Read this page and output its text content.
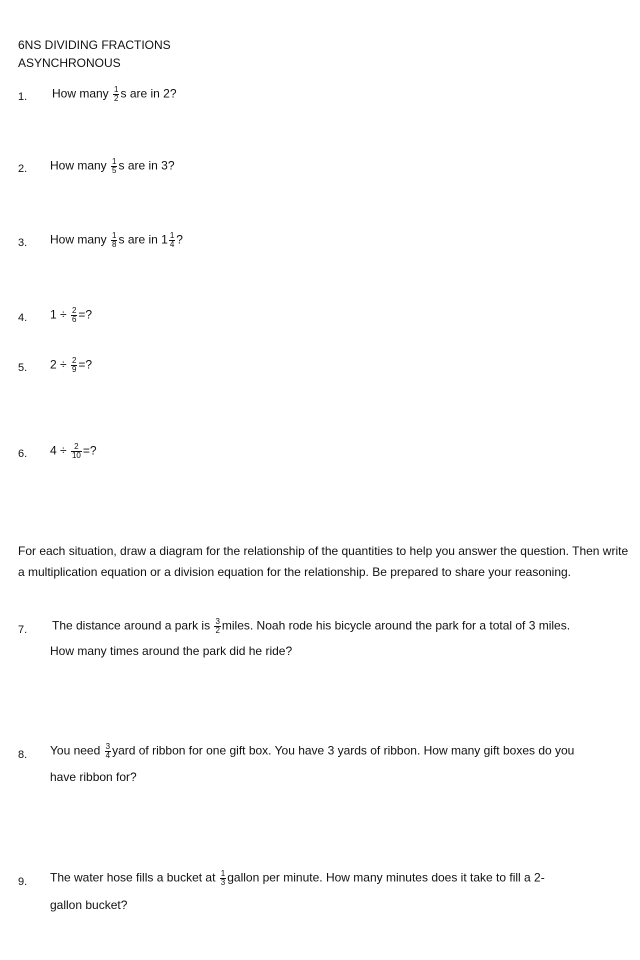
6NS DIVIDING FRACTIONS
ASYNCHRONOUS
1. How many $\frac{1}{2}$ s are in 2?
2. How many $\frac{1}{5}$ s are in 3?
3. How many $\frac{1}{8}$ s are in $1 \frac{1}{4}$ ?
4. $1 \div \frac{2}{6}$ =?
5. $2 \div \frac{2}{9}$ =?
6. $4 \div \frac{2}{10}$ =?
For each situation, draw a diagram for the relationship of the quantities to help you answer the question. Then write a multiplication equation or a division equation for the relationship. Be prepared to share your reasoning.
7. The distance around a park is $\frac{3}{2}$ miles. Noah rode his bicycle around the park for a total of 3 miles.
How many times around the park did he ride?
8. You need $\frac{3}{4}$ yard of ribbon for one gift box. You have 3 yards of ribbon. How many gift boxes do you
have ribbon for?
9. The water hose fills a bucket at $\frac{1}{3}$ gallon per minute. How many minutes does it take to fill a 2-
gallon bucket?
